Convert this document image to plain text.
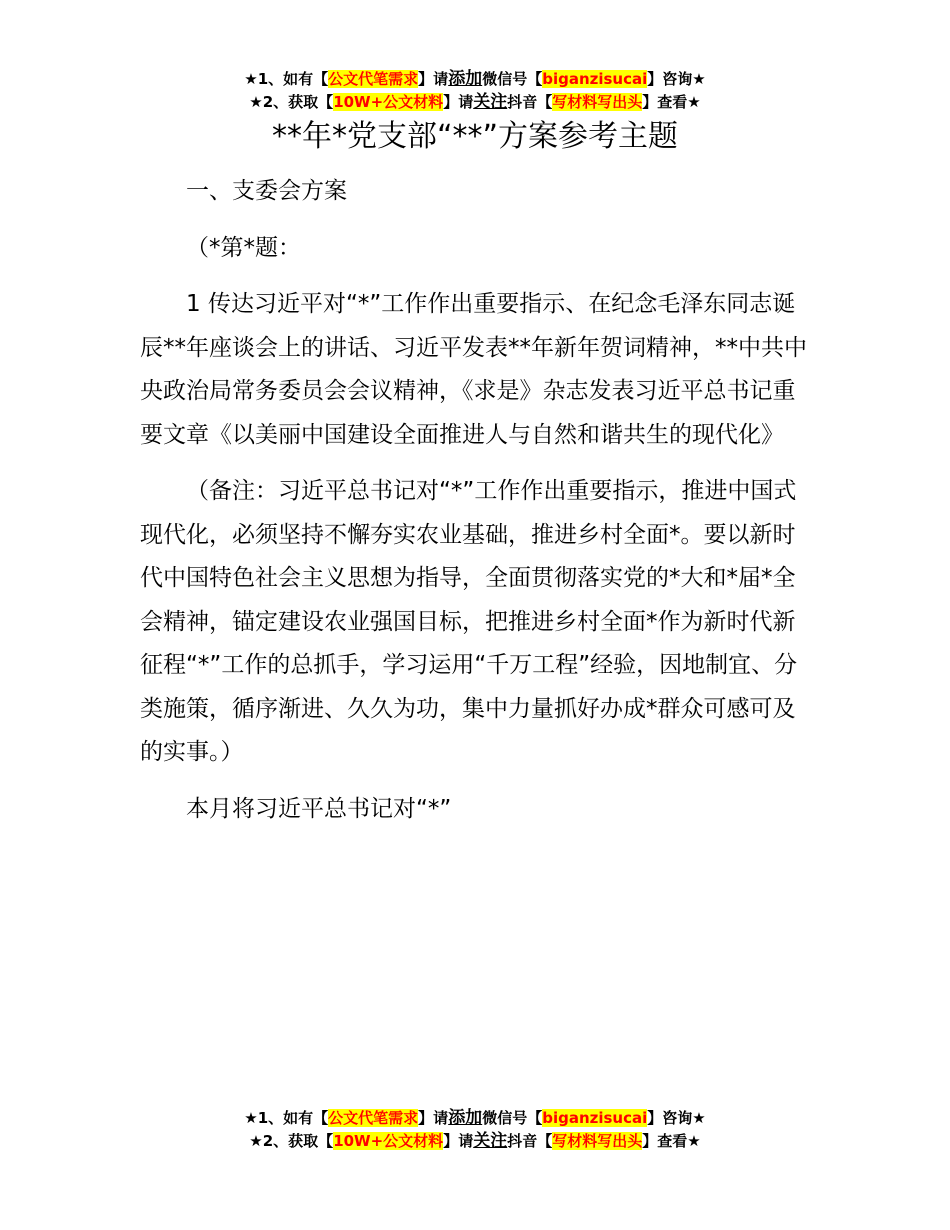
★1、如有【公文代笔需求】请添加微信号【biganzisucai】咨询★
★2、获取【10W+公文材料】请关注抖音【写材料写出头】查看★
**年*党支部“**”方案参考主题

一、支委会方案

（*第*题：

1 传达习近平对“*”工作作出重要指示、在纪念毛泽东同志诞辰**年座谈会上的讲话、习近平发表**年新年贺词精神，**中共中央政治局常务委员会会议精神，《求是》杂志发表习近平总书记重要文章《以美丽中国建设全面推进人与自然和谐共生的现代化》

（备注：习近平总书记对“*”工作作出重要指示，推进中国式现代化，必须坚持不懈夯实农业基础，推进乡村全面*。要以新时代中国特色社会主义思想为指导，全面贯彻落实党的*大和*届*全会精神，锚定建设农业强国目标，把推进乡村全面*作为新时代新征程“*”工作的总抓手，学习运用“千万工程”经验，因地制宜、分类施策，循序渐进、久久为功，集中力量抓好办成*群众可感可及的实事。）

本月将习近平总书记对“*”

★1、如有【公文代笔需求】请添加微信号【biganzisucai】咨询★
★2、获取【10W+公文材料】请关注抖音【写材料写出头】查看★
